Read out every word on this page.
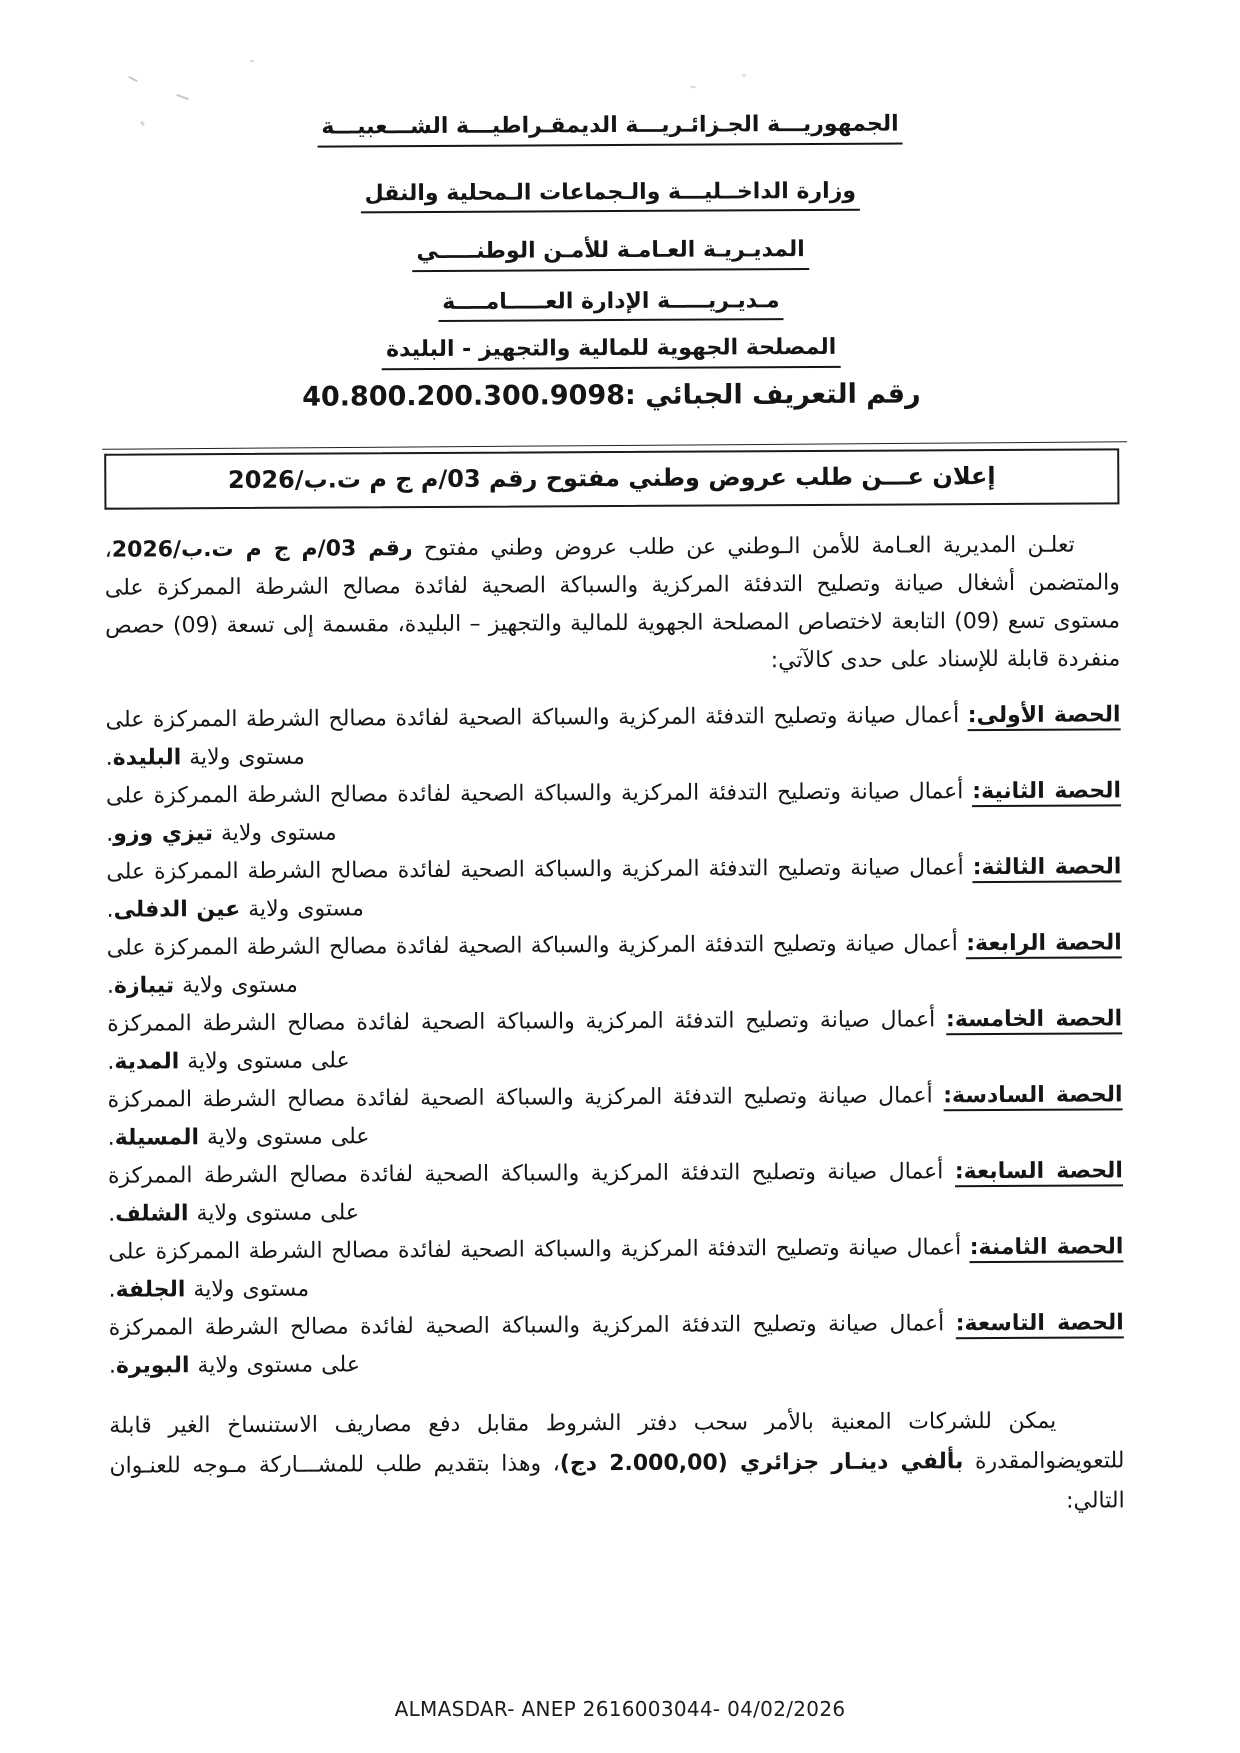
الجمهوريـــة الجـزائـريـــة الديمقـراطيـــة الشـــعبيـــة
وزارة الداخــليـــة والـجماعات الـمحلية والنقل
المديـريـة العـامـة للأمـن الوطنـــــي
مـديـريـــــة الإدارة العـــــامــــة
المصلحة الجهوية للمالية والتجهيز - البليدة
رقم التعريف الجبائي :40.800.200.300.9098
إعلان عـــن طلب عروض وطني مفتوح رقم 03/م ج م ت.ب/2026

تعلـن المديرية العـامة للأمن الـوطني عن طلب عروض وطني مفتوح رقم 03/م ج م ت.ب/2026، والمتضمن أشغال صيانة وتصليح التدفئة المركزية والسباكة الصحية لفائدة مصالح الشرطة الممركزة على مستوى تسع (09) التابعة لاختصاص المصلحة الجهوية للمالية والتجهيز – البليدة، مقسمة إلى تسعة (09) حصص منفردة قابلة للإسناد على حدى كالآتي:

الحصة الأولى: أعمال صيانة وتصليح التدفئة المركزية والسباكة الصحية لفائدة مصالح الشرطة الممركزة على مستوى ولاية البليدة.

الحصة الثانية: أعمال صيانة وتصليح التدفئة المركزية والسباكة الصحية لفائدة مصالح الشرطة الممركزة على مستوى ولاية تيزي وزو.

الحصة الثالثة: أعمال صيانة وتصليح التدفئة المركزية والسباكة الصحية لفائدة مصالح الشرطة الممركزة على مستوى ولاية عين الدفلى.

الحصة الرابعة: أعمال صيانة وتصليح التدفئة المركزية والسباكة الصحية لفائدة مصالح الشرطة الممركزة على مستوى ولاية تيبازة.

الحصة الخامسة: أعمال صيانة وتصليح التدفئة المركزية والسباكة الصحية لفائدة مصالح الشرطة الممركزة على مستوى ولاية المدية.

الحصة السادسة: أعمال صيانة وتصليح التدفئة المركزية والسباكة الصحية لفائدة مصالح الشرطة الممركزة على مستوى ولاية المسيلة.

الحصة السابعة: أعمال صيانة وتصليح التدفئة المركزية والسباكة الصحية لفائدة مصالح الشرطة الممركزة على مستوى ولاية الشلف.

الحصة الثامنة: أعمال صيانة وتصليح التدفئة المركزية والسباكة الصحية لفائدة مصالح الشرطة الممركزة على مستوى ولاية الجلفة.

الحصة التاسعة: أعمال صيانة وتصليح التدفئة المركزية والسباكة الصحية لفائدة مصالح الشرطة الممركزة على مستوى ولاية البويرة.

يمكن للشركات المعنية بالأمر سحب دفتر الشروط مقابل دفع مصاريف الاستنساخ الغير قابلة للتعويضوالمقدرة بألفي دينـار جزائري (2.000,00 دج)، وهذا بتقديم طلب للمشـــاركة مـوجه للعنـوان التالي:

ALMASDAR- ANEP 2616003044- 04/02/2026
